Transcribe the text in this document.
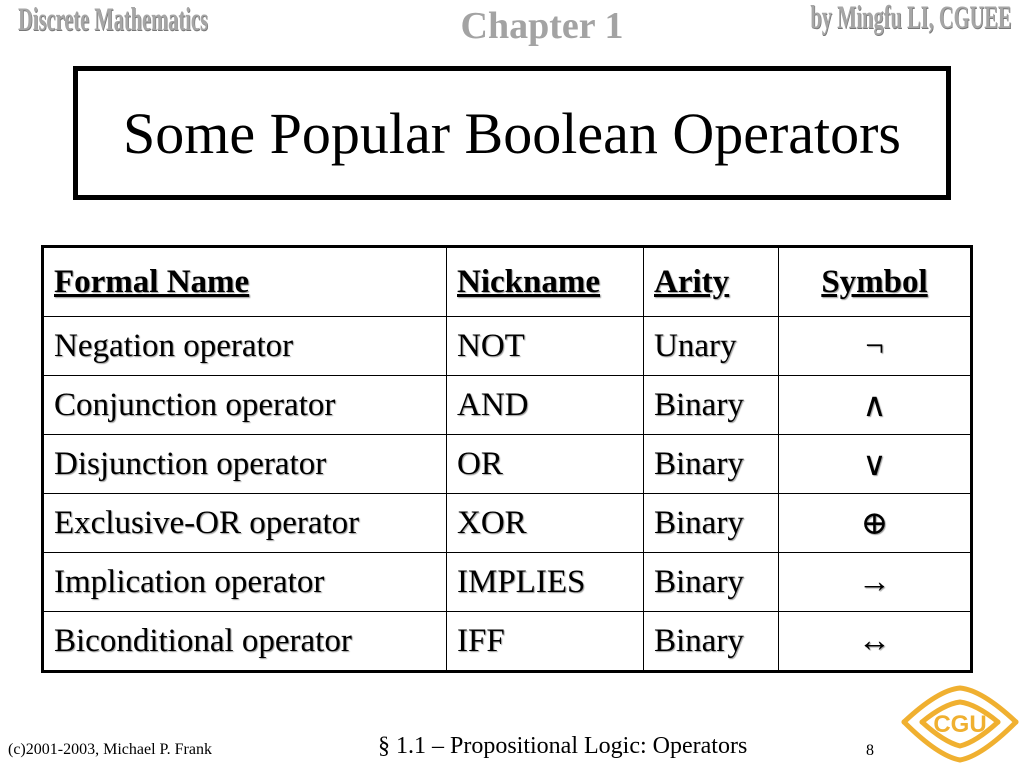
Discrete Mathematics	Chapter 1	by Mingfu LI, CGUEE
Some Popular Boolean Operators
Formal Name	Nickname	Arity	Symbol
Negation operator	NOT	Unary	¬
Conjunction operator	AND	Binary	∧
Disjunction operator	OR	Binary	∨
Exclusive-OR operator	XOR	Binary	⊕
Implication operator	IMPLIES	Binary	→
Biconditional operator	IFF	Binary	↔
(c)2001-2003, Michael P. Frank	§ 1.1 – Propositional Logic: Operators	8
CGU
